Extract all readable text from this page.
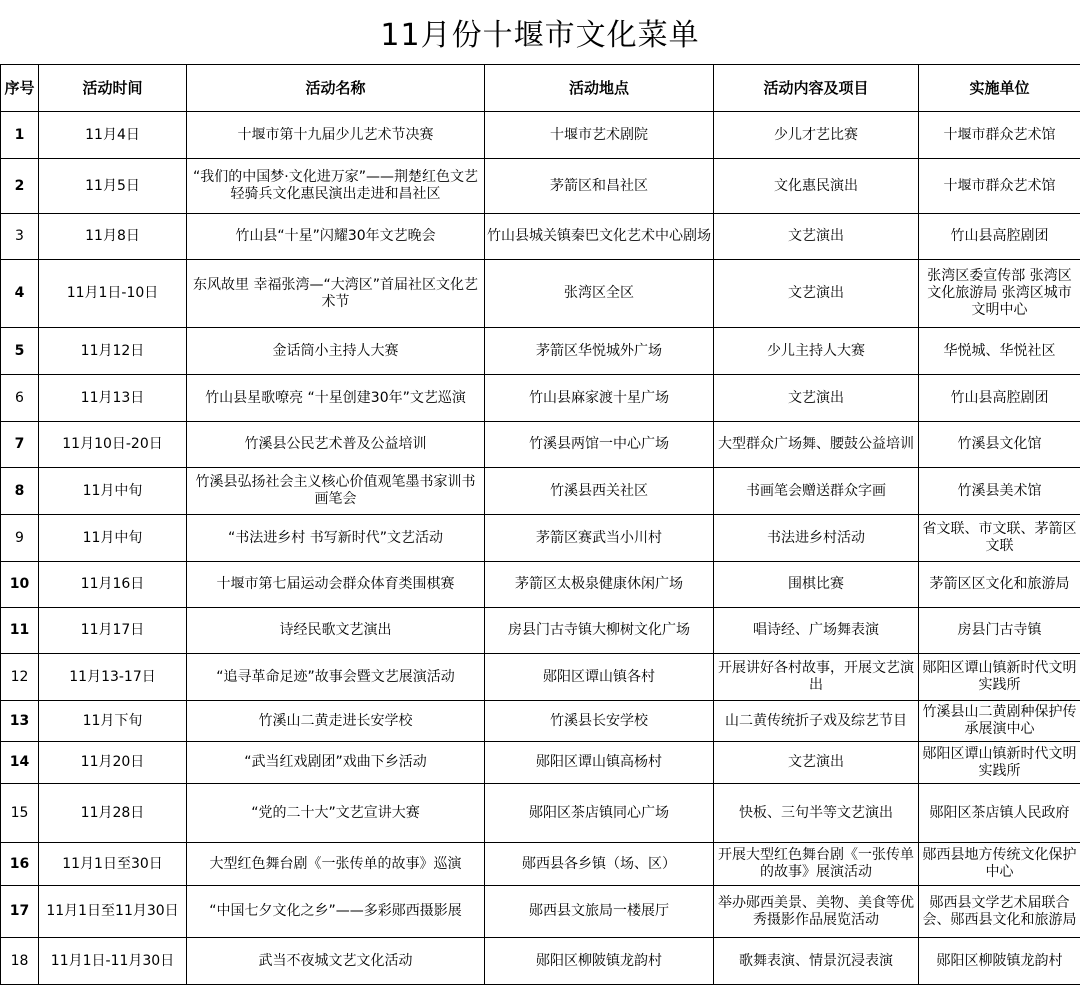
11月份十堰市文化菜单
序号	活动时间	活动名称	活动地点	活动内容及项目	实施单位
1	11月4日	十堰市第十九届少儿艺术节决赛	十堰市艺术剧院	少儿才艺比赛	十堰市群众艺术馆
2	11月5日	“我们的中国梦·文化进万家”——荆楚红色文艺轻骑兵文化惠民演出走进和昌社区	茅箭区和昌社区	文化惠民演出	十堰市群众艺术馆
3	11月8日	竹山县“十星”闪耀30年文艺晚会	竹山县城关镇秦巴文化艺术中心剧场	文艺演出	竹山县高腔剧团
4	11月1日-10日	东风故里 幸福张湾—“大湾区”首届社区文化艺术节	张湾区全区	文艺演出	张湾区委宣传部 张湾区文化旅游局 张湾区城市文明中心
5	11月12日	金话筒小主持人大赛	茅箭区华悦城外广场	少儿主持人大赛	华悦城、华悦社区
6	11月13日	竹山县星歌嘹亮 “十星创建30年”文艺巡演	竹山县麻家渡十星广场	文艺演出	竹山县高腔剧团
7	11月10日-20日	竹溪县公民艺术普及公益培训	竹溪县两馆一中心广场	大型群众广场舞、腰鼓公益培训	竹溪县文化馆
8	11月中旬	竹溪县弘扬社会主义核心价值观笔墨书家训书画笔会	竹溪县西关社区	书画笔会赠送群众字画	竹溪县美术馆
9	11月中旬	“书法进乡村 书写新时代”文艺活动	茅箭区赛武当小川村	书法进乡村活动	省文联、市文联、茅箭区文联
10	11月16日	十堰市第七届运动会群众体育类围棋赛	茅箭区太极泉健康休闲广场	围棋比赛	茅箭区区文化和旅游局
11	11月17日	诗经民歌文艺演出	房县门古寺镇大柳树文化广场	唱诗经、广场舞表演	房县门古寺镇
12	11月13-17日	“追寻革命足迹”故事会暨文艺展演活动	郧阳区谭山镇各村	开展讲好各村故事，开展文艺演出	郧阳区谭山镇新时代文明实践所
13	11月下旬	竹溪山二黄走进长安学校	竹溪县长安学校	山二黄传统折子戏及综艺节目	竹溪县山二黄剧种保护传承展演中心
14	11月20日	“武当红戏剧团”戏曲下乡活动	郧阳区谭山镇高杨村	文艺演出	郧阳区谭山镇新时代文明实践所
15	11月28日	“党的二十大”文艺宣讲大赛	郧阳区茶店镇同心广场	快板、三句半等文艺演出	郧阳区茶店镇人民政府
16	11月1日至30日	大型红色舞台剧《一张传单的故事》巡演	郧西县各乡镇（场、区）	开展大型红色舞台剧《一张传单的故事》展演活动	郧西县地方传统文化保护中心
17	11月1日至11月30日	“中国七夕文化之乡”——多彩郧西摄影展	郧西县文旅局一楼展厅	举办郧西美景、美物、美食等优秀摄影作品展览活动	郧西县文学艺术届联合会、郧西县文化和旅游局
18	11月1日-11月30日	武当不夜城文艺文化活动	郧阳区柳陂镇龙韵村	歌舞表演、情景沉浸表演	郧阳区柳陂镇龙韵村
